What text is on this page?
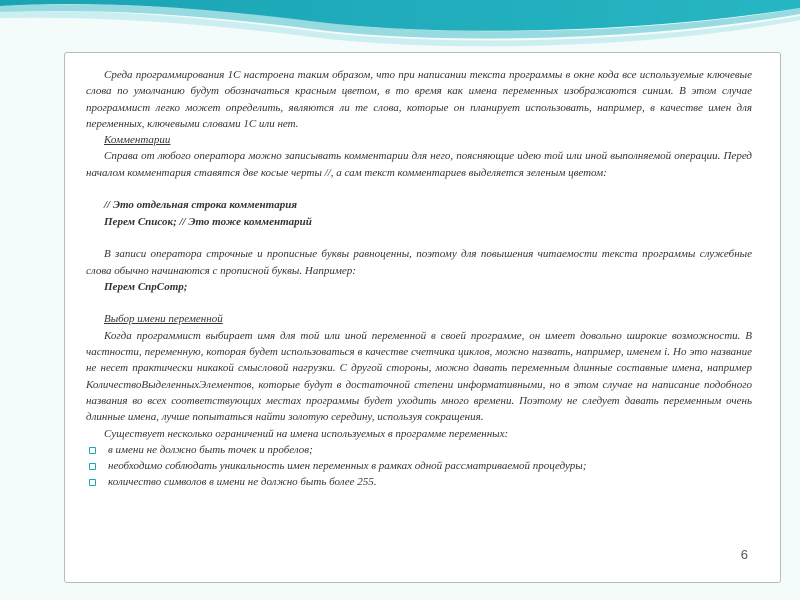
Среда программирования 1С настроена таким образом, что при написании текста программы в окне кода все используемые ключевые слова по умолчанию будут обозначаться красным цветом, в то время как имена переменных изображаются синим. В этом случае программист легко может определить, являются ли те слова, которые он планирует использовать, например, в качестве имен для переменных, ключевыми словами 1С или нет.

Комментарии

Справа от любого оператора можно записывать комментарии для него, поясняющие идею той или иной выполняемой операции. Перед началом комментария ставятся две косые черты //, а сам текст комментариев выделяется зеленым цветом:

// Это отдельная строка комментария

Перем Список; // Это тоже комментарий

В записи оператора строчные и прописные буквы равноценны, поэтому для повышения читаемости текста программы служебные слова обычно начинаются с прописной буквы. Например:

Перем СпрСотр;

Выбор имени переменной

Когда программист выбирает имя для той или иной переменной в своей программе, он имеет довольно широкие возможности. В частности, переменную, которая будет использоваться в качестве счетчика циклов, можно назвать, например, именем i. Но это название не несет практически никакой смысловой нагрузки. С другой стороны, можно давать переменным длинные составные имена, например КоличествоВыделенныхЭлементов, которые будут в достаточной степени информативными, но в этом случае на написание подобного названия во всех соответствующих местах программы будет уходить много времени. Поэтому не следует давать переменным очень длинные имена, лучше попытаться найти золотую середину, используя сокращения.

Существует несколько ограничений на имена используемых в программе переменных:

в имени не должно быть точек и пробелов;
необходимо соблюдать уникальность имен переменных в рамках одной рассматриваемой процедуры;
количество символов в имени не должно быть более 255.
6
